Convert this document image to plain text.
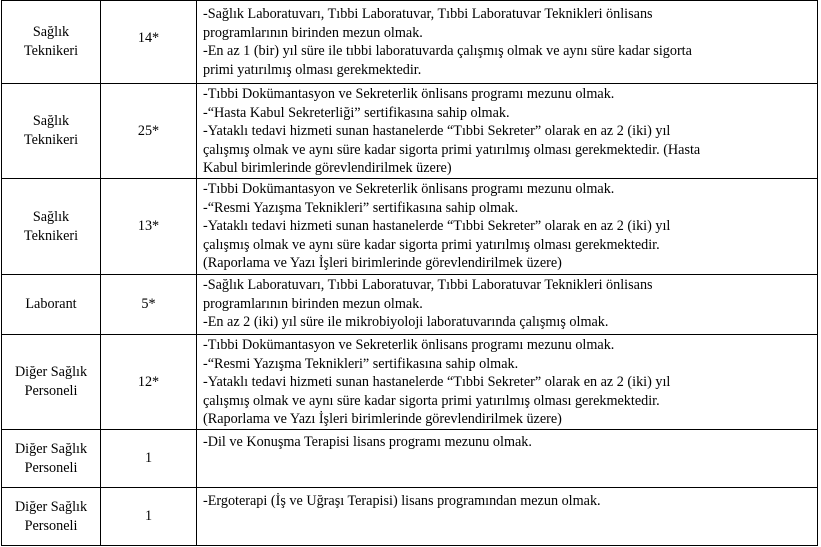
Sağlık
Teknikeri	14*	-Sağlık Laboratuvarı, Tıbbi Laboratuvar, Tıbbi Laboratuvar Teknikleri önlisans
programlarının birinden mezun olmak.
-En az 1 (bir) yıl süre ile tıbbi laboratuvarda çalışmış olmak ve aynı süre kadar sigorta
primi yatırılmış olması gerekmektedir.

Sağlık
Teknikeri	25*	-Tıbbi Dokümantasyon ve Sekreterlik önlisans programı mezunu olmak.
-“Hasta Kabul Sekreterliği” sertifikasına sahip olmak.
-Yataklı tedavi hizmeti sunan hastanelerde “Tıbbi Sekreter” olarak en az 2 (iki) yıl
çalışmış olmak ve aynı süre kadar sigorta primi yatırılmış olması gerekmektedir. (Hasta
Kabul birimlerinde görevlendirilmek üzere)

Sağlık
Teknikeri	13*	-Tıbbi Dokümantasyon ve Sekreterlik önlisans programı mezunu olmak.
-“Resmi Yazışma Teknikleri” sertifikasına sahip olmak.
-Yataklı tedavi hizmeti sunan hastanelerde “Tıbbi Sekreter” olarak en az 2 (iki) yıl
çalışmış olmak ve aynı süre kadar sigorta primi yatırılmış olması gerekmektedir.
(Raporlama ve Yazı İşleri birimlerinde görevlendirilmek üzere)

Laborant	5*	-Sağlık Laboratuvarı, Tıbbi Laboratuvar, Tıbbi Laboratuvar Teknikleri önlisans
programlarının birinden mezun olmak.
-En az 2 (iki) yıl süre ile mikrobiyoloji laboratuvarında çalışmış olmak.

Diğer Sağlık
Personeli	12*	-Tıbbi Dokümantasyon ve Sekreterlik önlisans programı mezunu olmak.
-“Resmi Yazışma Teknikleri” sertifikasına sahip olmak.
-Yataklı tedavi hizmeti sunan hastanelerde “Tıbbi Sekreter” olarak en az 2 (iki) yıl
çalışmış olmak ve aynı süre kadar sigorta primi yatırılmış olması gerekmektedir.
(Raporlama ve Yazı İşleri birimlerinde görevlendirilmek üzere)

Diğer Sağlık
Personeli	1	-Dil ve Konuşma Terapisi lisans programı mezunu olmak.

Diğer Sağlık
Personeli	1	-Ergoterapi (İş ve Uğraşı Terapisi) lisans programından mezun olmak.
